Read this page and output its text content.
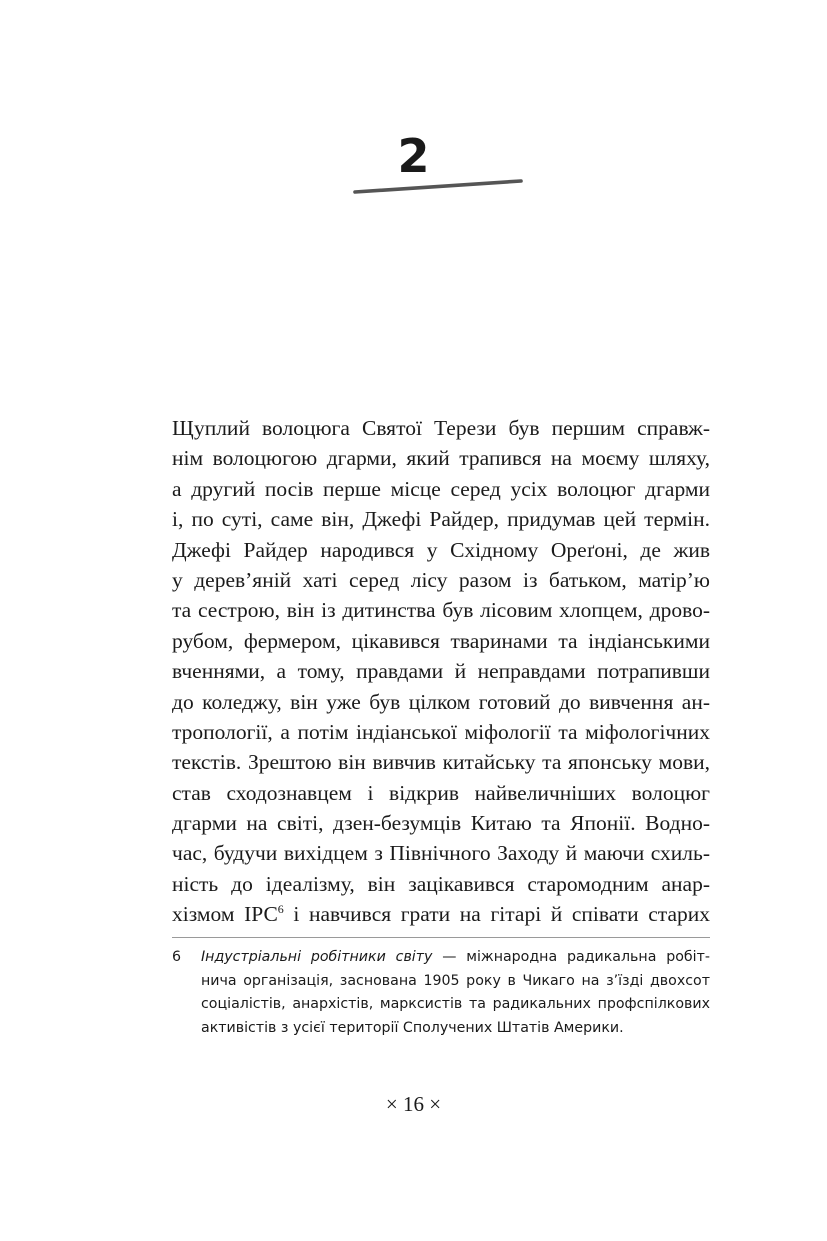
2
Щуплий волоцюга Святої Терези був першим справж-
нім волоцюгою дгарми, який трапився на моєму шляху,
а другий посів перше місце серед усіх волоцюг дгарми
і, по суті, саме він, Джефі Райдер, придумав цей термін.
Джефі Райдер народився у Східному Ореґоні, де жив
у дерев’яній хаті серед лісу разом із батьком, матір’ю
та сестрою, він із дитинства був лісовим хлопцем, дрово-
рубом, фермером, цікавився тваринами та індіанськими
вченнями, а тому, правдами й неправдами потрапивши
до коледжу, він уже був цілком готовий до вивчення ан-
тропології, а потім індіанської міфології та міфологічних
текстів. Зрештою він вивчив китайську та японську мови,
став сходознавцем і відкрив найвеличніших волоцюг
дгарми на світі, дзен-безумців Китаю та Японії. Водно-
час, будучи вихідцем з Північного Заходу й маючи схиль-
ність до ідеалізму, він зацікавився старомодним анар-
хізмом ІРС$^6$ і навчився грати на гітарі й співати старих
6 Індустріальні робітники світу — міжнародна радикальна робіт-
нича організація, заснована 1905 року в Чикаго на з’їзді двохсот
соціалістів, анархістів, марксистів та радикальних профспілкових
активістів з усієї території Сполучених Штатів Америки.
× 16 ×
